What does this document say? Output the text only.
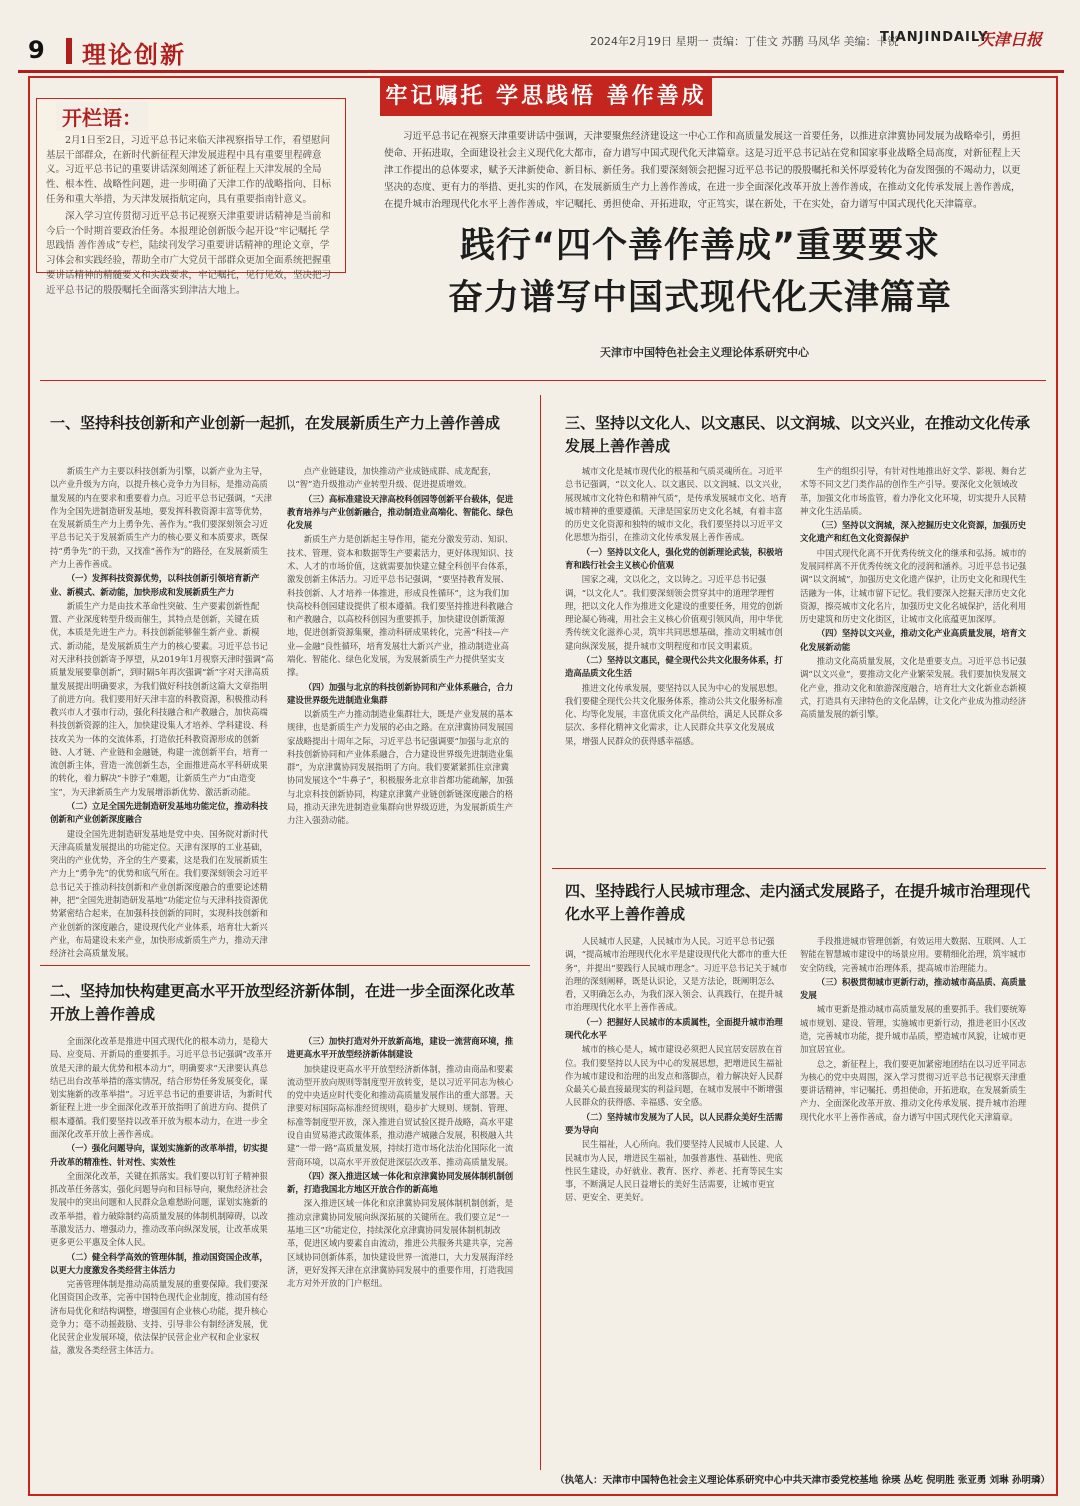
9 理论创新	2024年2月19日 星期一 责编：丁佳文 苏鹏 马凤华 美编：卡锐
TIANJINDAILY
天津日报
牢记嘱托 学思践悟 善作善成
开栏语：
2月1日至2日，习近平总书记来临天津视察指导工作，看望慰问基层干部群众，在新时代新征程天津发展进程中具有重要里程碑意义。习近平总书记的重要讲话深刻阐述了新征程上天津发展的全局性、根本性、战略性问题，进一步明确了天津工作的战略指向、目标任务和重大举措，为天津发展指航定向，具有重要指南针意义。
深入学习宣传贯彻习近平总书记视察天津重要讲话精神是当前和今后一个时期首要政治任务。本报理论创新版今起开设“牢记嘱托 学思践悟 善作善成”专栏，陆续刊发学习重要讲话精神的理论文章，学习体会和实践经验，帮助全市广大党员干部群众更加全面系统把握重要讲话精神的精髓要义和实践要求，牢记嘱托，见行见效，坚决把习近平总书记的殷殷嘱托全面落实到津沽大地上。
习近平总书记在视察天津重要讲话中强调，天津要聚焦经济建设这一中心工作和高质量发展这一首要任务，以推进京津冀协同发展为战略牵引，勇担使命、开拓进取，全面建设社会主义现代化大都市，奋力谱写中国式现代化天津篇章。这是习近平总书记站在党和国家事业战略全局高度，对新征程上天津工作提出的总体要求，赋予天津新使命、新目标、新任务。我们要深刻领会把握习近平总书记的殷殷嘱托和关怀厚爱转化为奋发图强的不竭动力，以更坚决的态度、更有力的举措、更扎实的作风，在发展新质生产力上善作善成，在进一步全面深化改革开放上善作善成，在推动文化传承发展上善作善成，在提升城市治理现代化水平上善作善成，牢记嘱托、勇担使命、开拓进取，守正笃实，谋在新处，干在实处，奋力谱写中国式现代化天津篇章。
践行“四个善作善成”重要要求
奋力谱写中国式现代化天津篇章
天津市中国特色社会主义理论体系研究中心
一、坚持科技创新和产业创新一起抓，在发展新质生产力上善作善成
二、坚持加快构建更高水平开放型经济新体制，在进一步全面深化改革开放上善作善成
三、坚持以文化人、以文惠民、以文润城、以文兴业，在推动文化传承发展上善作善成
四、坚持践行人民城市理念、走内涵式发展路子，在提升城市治理现代化水平上善作善成

新质生产力主要以科技创新为引擎，以新产业为主导，以产业升级为方向，以提升核心竞争力为目标，是推动高质量发展的内在要求和重要着力点。习近平总书记强调，“天津作为全国先进制造研发基地，要发挥科教资源丰富等优势，在发展新质生产力上勇争先、善作为。”我们要深刻领会习近平总书记关于发展新质生产力的核心要义和本质要求，既保持“勇争先”的干劲，又找准“善作为”的路径，在发展新质生产力上善作善成。

（一）发挥科技资源优势，以科技创新引领培育新产业、新模式、新动能，加快形成和发展新质生产力

新质生产力是由技术革命性突破、生产要素创新性配置、产业深度转型升级而催生，其特点是创新，关键在质优，本质是先进生产力。科技创新能够催生新产业、新模式、新动能，是发展新质生产力的核心要素。习近平总书记对天津科技创新寄予厚望，从2019年1月视察天津时强调“高质量发展要靠创新”，到时隔5年再次强调“新”字对天津高质量发展提出明确要求，为我们做好科技创新这篇大文章指明了前进方向。我们要用好天津丰富的科教资源，积极推动科教兴市人才强市行动，强化科技融合和产教融合，加快高端科技创新资源的注入，加快建设集人才培养、学科建设、科技攻关为一体的交流体系，打造依托科教资源形成的创新链、人才链、产业链和金融链，构建一流创新平台，培育一流创新主体，营造一流创新生态，全面推进高水平科研成果的转化，着力解决“卡脖子”难题，让新质生产力“由造变宝”，为天津新质生产力发展增添新优势、激活新动能。

（二）立足全国先进制造研发基地功能定位，推动科技创新和产业创新深度融合

建设全国先进制造研发基地是党中央、国务院对新时代天津高质量发展提出的功能定位。天津有深厚的工业基础，突出的产业优势，齐全的生产要素，这是我们在发展新质生产力上“勇争先”的优势和底气所在。我们要深刻领会习近平总书记关于推动科技创新和产业创新深度融合的重要论述精神，把“全国先进制造研发基地”功能定位与天津科技资源优势紧密结合起来，在加强科技创新的同时，实现科技创新和产业创新的深度融合，建设现代化产业体系，培育壮大新兴产业，布局建设未来产业，加快形成新质生产力，推动天津经济社会高质量发展。

点产业链建设，加快推动产业成链成群、成龙配套，以“智”造升级推动产业转型升级、促进提质增效。

（三）高标准建设天津高校科创园等创新平台载体，促进教育培养与产业创新融合，推动制造业高端化、智能化、绿色化发展

新质生产力是创新起主导作用，能充分激发劳动、知识、技术、管理、资本和数据等生产要素活力，更好体现知识、技术、人才的市场价值，这就需要加快建立健全科创平台体系，激发创新主体活力。习近平总书记强调，“要坚持教育发展、科技创新、人才培养一体推进，形成良性循环”，这为我们加快高校科创园建设提供了根本遵循。我们要坚持推进科教融合和产教融合，以高校科创园为重要抓手，加快建设创新策源地，促进创新资源集聚，推动科研成果转化，完善“科技—产业—金融”良性循环，培育发展壮大新兴产业，推动制造业高端化、智能化、绿色化发展，为发展新质生产力提供坚实支撑。

（四）加强与北京的科技创新协同和产业体系融合，合力建设世界级先进制造业集群

以新质生产力推动制造业集群壮大，既是产业发展的基本规律，也是新质生产力发展的必由之路。在京津冀协同发展国家战略提出十周年之际，习近平总书记强调要“加强与北京的科技创新协同和产业体系融合，合力建设世界级先进制造业集群”，为京津冀协同发展指明了方向。我们要紧紧抓住京津冀协同发展这个“牛鼻子”，积极服务北京非首都功能疏解，加强与北京科技创新协同，构建京津冀产业链创新链深度融合的格局，推动天津先进制造业集群向世界级迈进，为发展新质生产力注入强劲动能。

全面深化改革是推进中国式现代化的根本动力，是稳大局、应变局、开新局的重要抓手。习近平总书记强调“改革开放是天津的最大优势和根本动力”，明确要求“天津要认真总结已出台改革举措的落实情况，结合形势任务发展变化，谋划实施新的改革举措”。习近平总书记的重要讲话，为新时代新征程上进一步全面深化改革开放指明了前进方向、提供了根本遵循。我们要坚持以改革开放为根本动力，在进一步全面深化改革开放上善作善成。

（一）强化问题导向，谋划实施新的改革举措，切实提升改革的精准性、针对性、实效性

全面深化改革，关键在抓落实。我们要以钉钉子精神狠抓改革任务落实，强化问题导向和目标导向，聚焦经济社会发展中的突出问题和人民群众急难愁盼问题，谋划实施新的改革举措，着力破除制约高质量发展的体制机制障碍，以改革激发活力、增强动力，推动改革向纵深发展，让改革成果更多更公平惠及全体人民。

（二）健全科学高效的管理体制，推动国资国企改革，以更大力度激发各类经营主体活力

完善管理体制是推动高质量发展的重要保障。我们要深化国资国企改革，完善中国特色现代企业制度，推动国有经济布局优化和结构调整，增强国有企业核心功能，提升核心竞争力；毫不动摇鼓励、支持、引导非公有制经济发展，优化民营企业发展环境，依法保护民营企业产权和企业家权益，激发各类经营主体活力。

（三）加快打造对外开放新高地，建设一流营商环境，推进更高水平开放型经济新体制建设

加快建设更高水平开放型经济新体制，推动由商品和要素流动型开放向规则等制度型开放转变，是以习近平同志为核心的党中央适应时代变化和推动高质量发展作出的重大部署。天津要对标国际高标准经贸规则，稳步扩大规则、规制、管理、标准等制度型开放，深入推进自贸试验区提升战略，高水平建设自由贸易港式政策体系，推动港产城融合发展，积极融入共建“一带一路”高质量发展，持续打造市场化法治化国际化一流营商环境，以高水平开放促进深层次改革、推动高质量发展。

（四）深入推进区域一体化和京津冀协同发展体制机制创新，打造我国北方地区开放合作的新高地

深入推进区域一体化和京津冀协同发展体制机制创新，是推动京津冀协同发展向纵深拓展的关键所在。我们要立足“一基地三区”功能定位，持续深化京津冀协同发展体制机制改革，促进区域内要素自由流动，推进公共服务共建共享，完善区域协同创新体系，加快建设世界一流港口，大力发展海洋经济，更好发挥天津在京津冀协同发展中的重要作用，打造我国北方对外开放的门户枢纽。

城市文化是城市现代化的根基和气质灵魂所在。习近平总书记强调，“以文化人、以文惠民、以文润城、以文兴业，展现城市文化特色和精神气质”，是传承发展城市文化、培育城市精神的重要遵循。天津是国家历史文化名城，有着丰富的历史文化资源和独特的城市文化，我们要坚持以习近平文化思想为指引，在推动文化传承发展上善作善成。

（一）坚持以文化人，强化党的创新理论武装，积极培育和践行社会主义核心价值观

国家之魂，文以化之，文以铸之。习近平总书记强调，“以文化人”。我们要深刻领会贯穿其中的道理学理哲理，把以文化人作为推进文化建设的重要任务，用党的创新理论凝心铸魂，用社会主义核心价值观引领风尚，用中华优秀传统文化滋养心灵，筑牢共同思想基础，推动文明城市创建向纵深发展，提升城市文明程度和市民文明素质。

（二）坚持以文惠民，健全现代公共文化服务体系，打造高品质文化生活

推进文化传承发展，要坚持以人民为中心的发展思想。我们要健全现代公共文化服务体系，推动公共文化服务标准化、均等化发展，丰富优质文化产品供给，满足人民群众多层次、多样化精神文化需求，让人民群众共享文化发展成果，增强人民群众的获得感幸福感。

生产的组织引导，有针对性地推出好文学、影视、舞台艺术等不同文艺门类作品的创作生产引导。要深化文化领域改革，加强文化市场监管，着力净化文化环境，切实提升人民精神文化生活品质。

（三）坚持以文润城，深入挖掘历史文化资源，加强历史文化遗产和红色文化资源保护

中国式现代化离不开优秀传统文化的继承和弘扬。城市的发展同样离不开优秀传统文化的浸润和涵养。习近平总书记强调“以文润城”，加强历史文化遗产保护，让历史文化和现代生活融为一体，让城市留下记忆。我们要深入挖掘天津历史文化资源，擦亮城市文化名片，加强历史文化名城保护，活化利用历史建筑和历史文化街区，让城市文化底蕴更加深厚。

（四）坚持以文兴业，推动文化产业高质量发展，培育文化发展新动能

推动文化高质量发展，文化是重要支点。习近平总书记强调“以文兴业”，要推动文化产业繁荣发展。我们要加快发展文化产业，推动文化和旅游深度融合，培育壮大文化新业态新模式，打造具有天津特色的文化品牌，让文化产业成为推动经济高质量发展的新引擎。

人民城市人民建，人民城市为人民。习近平总书记强调，“提高城市治理现代化水平是建设现代化大都市的重大任务”，并提出“要践行人民城市理念”。习近平总书记关于城市治理的深刻阐释，既是认识论，又是方法论，既阐明怎么看，又明确怎么办，为我们深入领会、认真践行，在提升城市治理现代化水平上善作善成。

（一）把握好人民城市的本质属性，全面提升城市治理现代化水平

城市的核心是人，城市建设必须把人民宜居安居放在首位。我们要坚持以人民为中心的发展思想，把增进民生福祉作为城市建设和治理的出发点和落脚点，着力解决好人民群众最关心最直接最现实的利益问题，在城市发展中不断增强人民群众的获得感、幸福感、安全感。

（二）坚持城市发展为了人民，以人民群众美好生活需要为导向

民生福祉，人心所向。我们要坚持人民城市人民建、人民城市为人民，增进民生福祉，加强普惠性、基础性、兜底性民生建设，办好就业、教育、医疗、养老、托育等民生实事，不断满足人民日益增长的美好生活需要，让城市更宜居、更安全、更美好。

手段推进城市管理创新，有效运用大数据、互联网、人工智能在智慧城市建设中的场景应用。要精细化治理，筑牢城市安全防线，完善城市治理体系，提高城市治理能力。

（三）积极贯彻城市更新行动，推动城市高品质、高质量发展

城市更新是推动城市高质量发展的重要抓手。我们要统筹城市规划、建设、管理，实施城市更新行动，推进老旧小区改造，完善城市功能，提升城市品质，塑造城市风貌，让城市更加宜居宜业。

总之，新征程上，我们要更加紧密地团结在以习近平同志为核心的党中央周围，深入学习贯彻习近平总书记视察天津重要讲话精神，牢记嘱托、勇担使命，开拓进取，在发展新质生产力、全面深化改革开放、推动文化传承发展、提升城市治理现代化水平上善作善成，奋力谱写中国式现代化天津篇章。

（执笔人：天津市中国特色社会主义理论体系研究中心中共天津市委党校基地 徐瑛 丛屹 倪明胜 张亚勇 刘琳 孙明璘）
